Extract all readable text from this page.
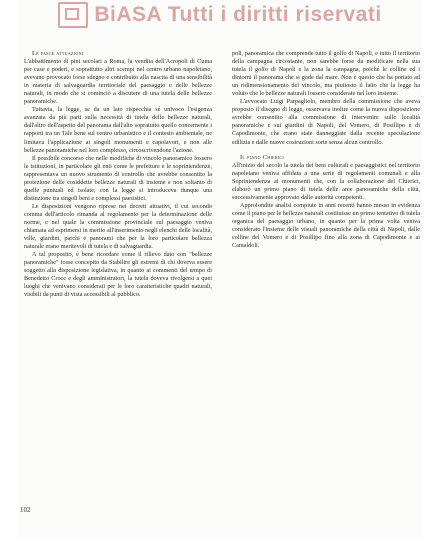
BiASA Tutti i diritti riservati

Le fasce attuazioni

L'abbattimento di pini secolari a Roma, la vendita dell'Acropoli di Cuma per case e poderi, e soprattutto altri scempi nel centro urbano napoletano, avevano provocato forse sdegno e contribuito alla nascita di una sensibilità in materia di salvaguardia territoriale del paesaggio e delle bellezze naturali, in modo che si cominciò a discutere di una tutela delle bellezze panoramiche.

Tuttavia, la legge, se da un lato rispecchia sé univoco l'esigenza avanzata da più parti sulla necessità di tutela delle bellezze naturali, dall'altro dell'aspetto del panorama dall'alto sopratutto quello concernente i rapporti tra un Tale bene sul centro urbanistico e il contesto ambientale, ne limitava l'applicazione ai singoli monumenti e capolavori, e non alle bellezze panoramiche nel loro complesso, circoscrivendone l'azione.

Il possibile concorso che nelle modifiche di vincolo panoramico fossero le istituzioni, in particolare gli enti come le prefetture e le soprintendenze, rappresentava un nuovo strumento di controllo che avrebbe consentito la protezione delle cosiddette bellezze naturali di insieme e non soltanto di quelle puntuali ed isolate; con la legge si introduceva dunque una distinzione tra singoli beni e complessi paesistici.

Le disposizioni vengono riprese nei decreti attuativi, il cui secondo comma dell'articolo rimanda al regolamento per la determinazione delle norme, e nel quale la commissione provinciale sul paesaggio veniva chiamata ad esprimersi in merito all'inserimento negli elenchi delle località, ville, giardini, parchi e panorami che per la loro particolare bellezza naturale erano meritevoli di tutela e di salvaguardia.

A tal proposito, è bene ricordare come il rilievo dato con "bellezze panoramiche" fosse concepito da Stabilire gli estremi di chi doveva essere soggetto alla disposizione legislativa, in quanto ai commenti del tempo di Benedetto Croce e degli amministratori, la tutela doveva rivolgersi a quei luoghi che venivano considerati per le loro caratteristiche quadri naturali, visibili da punti di vista accessibili al pubblico.

poli, panoramica che comprende tutto il golfo di Napoli, e tutto il territorio della campagna circostante, non sarebbe forse da modificare nella sua tutela il golfo di Napoli e la zona la campagna, poiché le colline ed i dintorni il panorama che si gode dal mare. Non è questo che ha portato ad un ridimensionamento del vincolo, ma piuttosto il fatto che la legge ha voluto che le bellezze naturali fossero considerate nel loro insieme.

L'avvocato Luigi Parpagliolo, membro della commissione che aveva proposto il disegno di legge, osservava inoltre come la nuova disposizione avrebbe consentito alla commissione di intervenire sulle località panoramiche e sui giardini di Napoli, del Vomero, di Posillipo e di Capodimonte, che erano state danneggiate dalla recente speculazione edilizia e dalle nuove costruzioni sorte senza alcun controllo.

Il piano Chierici

All'inizio del secolo la tutela dei beni culturali e paesaggistici nel territorio napoletano veniva affidata a una serie di regolamenti comunali e alla Soprintendenza ai monumenti che, con la collaborazione del Chierici, elaborò un primo piano di tutela delle aree panoramiche della città, successivamente approvato dalle autorità competenti.

Approfondite analisi compiute in anni recenti hanno messo in evidenza come il piano per le bellezze naturali costituisse un primo tentativo di tutela organica del paesaggio urbano, in quanto per la prima volta veniva considerato l'insieme delle visuali panoramiche della città di Napoli, dalle colline del Vomero e di Posillipo fino alla zona di Capodimonte e ai Camaldoli.

102
